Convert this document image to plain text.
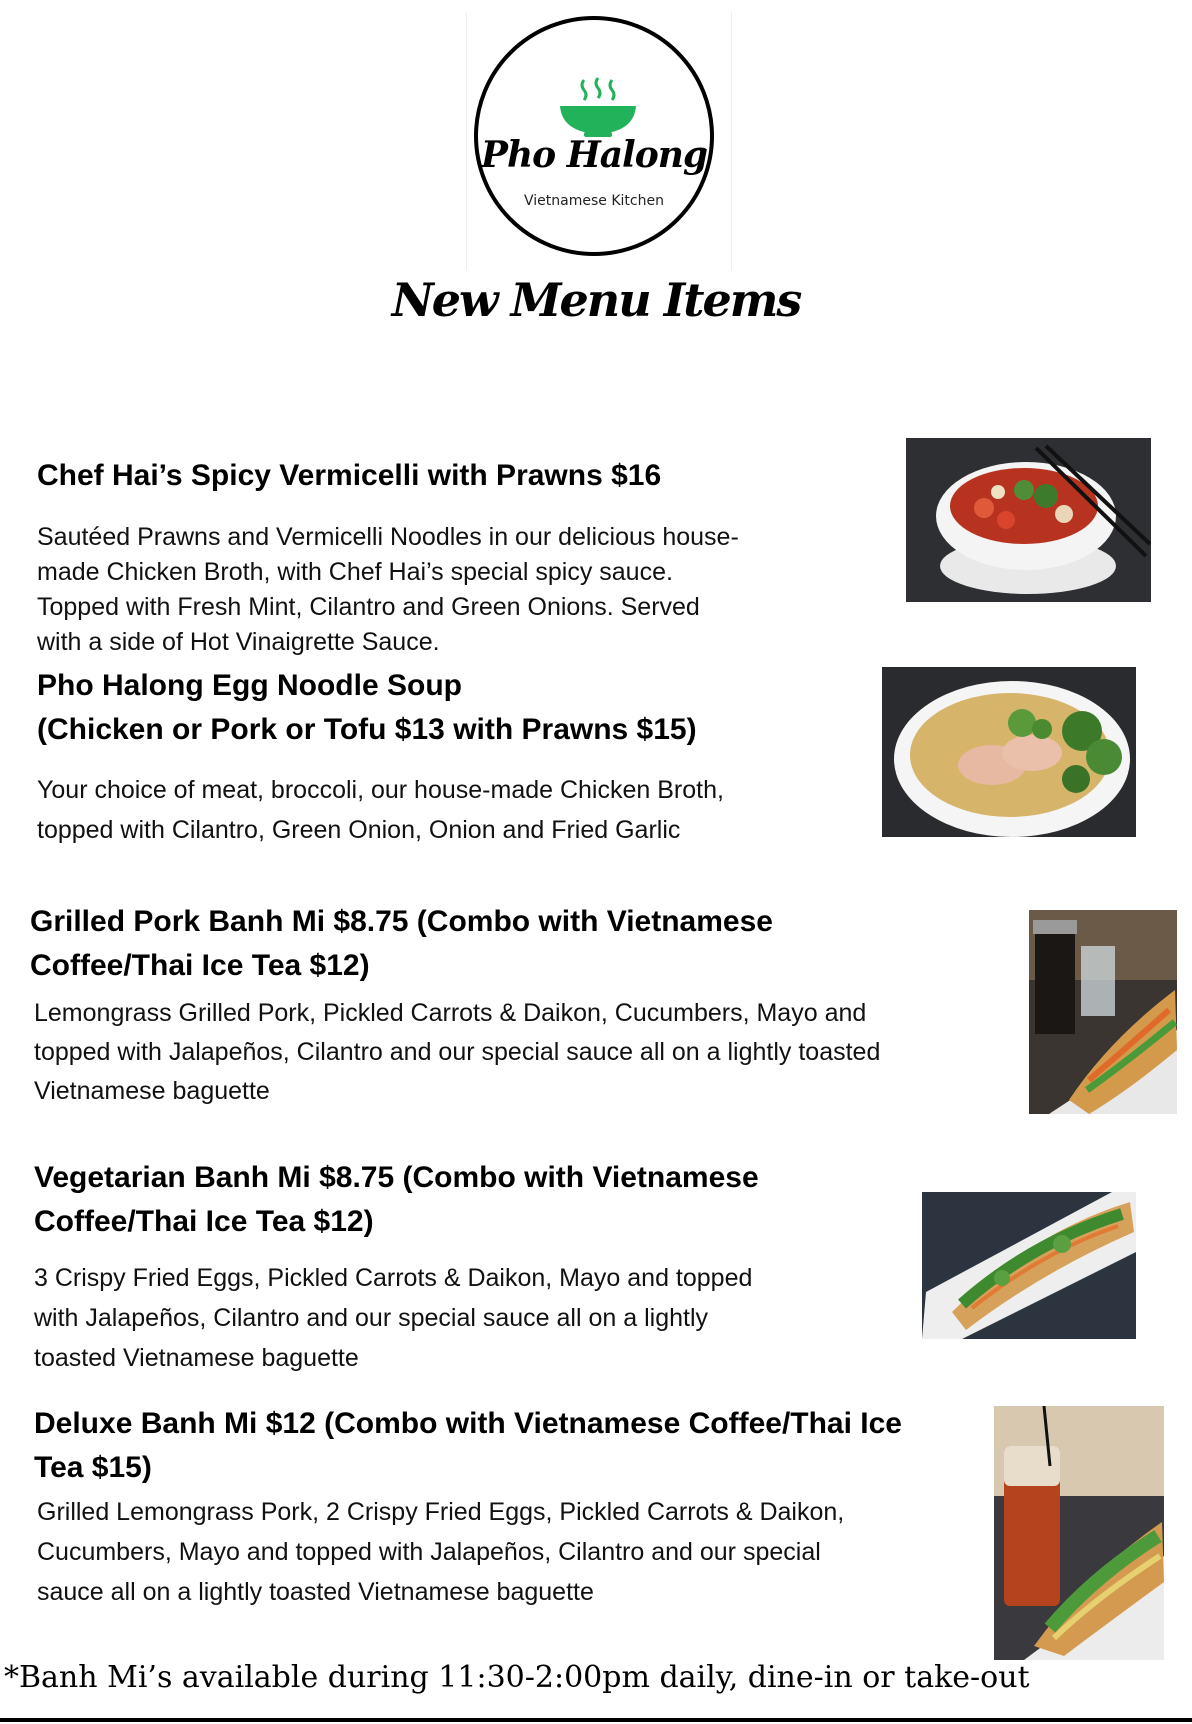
Pho Halong
Vietnamese Kitchen
New Menu Items
Chef Hai’s Spicy Vermicelli with Prawns $16
Sautéed Prawns and Vermicelli Noodles in our delicious house-
made Chicken Broth, with Chef Hai’s special spicy sauce.
Topped with Fresh Mint, Cilantro and Green Onions. Served
with a side of Hot Vinaigrette Sauce.
Pho Halong Egg Noodle Soup
(Chicken or Pork or Tofu $13 with Prawns $15)
Your choice of meat, broccoli, our house-made Chicken Broth,
topped with Cilantro, Green Onion, Onion and Fried Garlic
Grilled Pork Banh Mi $8.75 (Combo with Vietnamese
Coffee/Thai Ice Tea $12)
Lemongrass Grilled Pork, Pickled Carrots & Daikon, Cucumbers, Mayo and
topped with Jalapeños, Cilantro and our special sauce all on a lightly toasted
Vietnamese baguette
Vegetarian Banh Mi $8.75 (Combo with Vietnamese
Coffee/Thai Ice Tea $12)
3 Crispy Fried Eggs, Pickled Carrots & Daikon, Mayo and topped
with Jalapeños, Cilantro and our special sauce all on a lightly
toasted Vietnamese baguette
Deluxe Banh Mi $12 (Combo with Vietnamese Coffee/Thai Ice
Tea $15)
Grilled Lemongrass Pork, 2 Crispy Fried Eggs, Pickled Carrots & Daikon,
Cucumbers, Mayo and topped with Jalapeños, Cilantro and our special
sauce all on a lightly toasted Vietnamese baguette
*Banh Mi’s available during 11:30-2:00pm daily, dine-in or take-out
